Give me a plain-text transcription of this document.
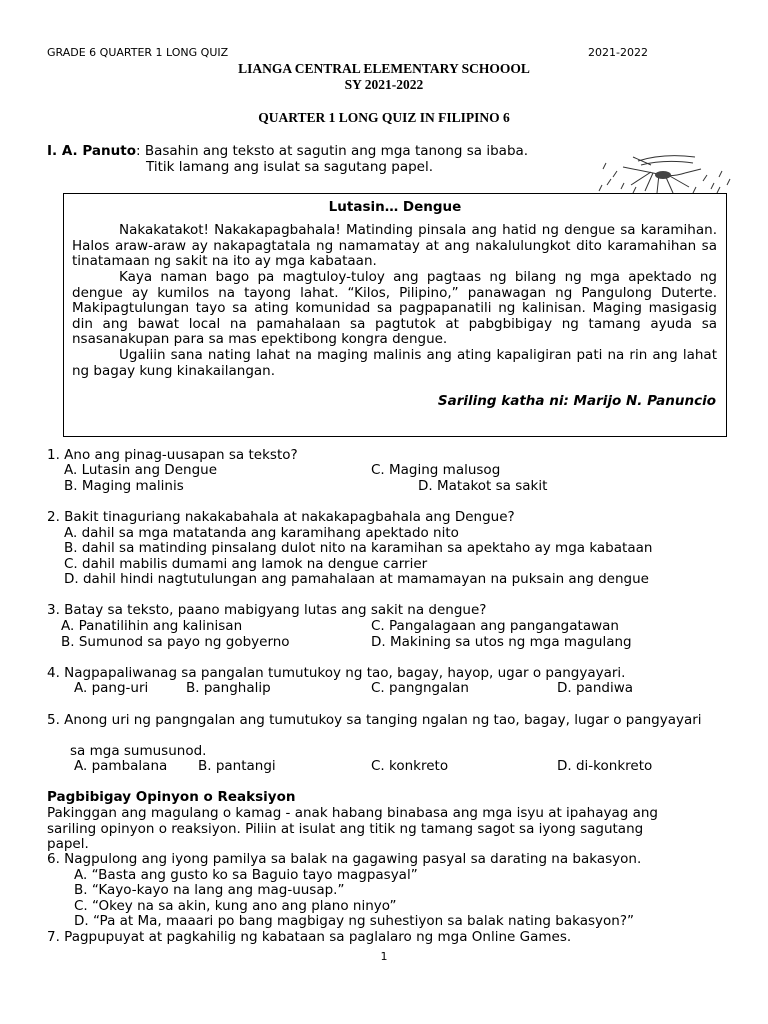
GRADE 6 QUARTER 1 LONG QUIZ	2021-2022
LIANGA CENTRAL ELEMENTARY SCHOOOL
SY 2021-2022
QUARTER 1 LONG QUIZ IN FILIPINO 6
I. A. Panuto: Basahin ang teksto at sagutin ang mga tanong sa ibaba.
Titik lamang ang isulat sa sagutang papel.
Lutasin… Dengue
Nakakatakot! Nakakapagbahala! Matinding pinsala ang hatid ng dengue sa karamihan. Halos araw-araw ay nakapagtatala ng namamatay at ang nakalulungkot dito karamahihan sa tinatamaan ng sakit na ito ay mga kabataan.
Kaya naman bago pa magtuloy-tuloy ang pagtaas ng bilang ng mga apektado ng dengue ay kumilos na tayong lahat. “Kilos, Pilipino,” panawagan ng Pangulong Duterte. Makipagtulungan tayo sa ating komunidad sa pagpapanatili ng kalinisan. Maging masigasig din ang bawat local na pamahalaan sa pagtutok at pabgbibigay ng tamang ayuda sa nsasanakupan para sa mas epektibong kongra dengue.
Ugaliin sana nating lahat na maging malinis ang ating kapaligiran pati na rin ang lahat ng bagay kung kinakailangan.
Sariling katha ni: Marijo N. Panuncio
1. Ano ang pinag-uusapan sa teksto?
A. Lutasin ang Dengue	C. Maging malusog
B. Maging malinis	D. Matakot sa sakit
2. Bakit tinaguriang nakakabahala at nakakapagbahala ang Dengue?
A. dahil sa mga matatanda ang karamihang apektado nito
B. dahil sa matinding pinsalang dulot nito na karamihan sa apektaho ay mga kabataan
C. dahil mabilis dumami ang lamok na dengue carrier
D. dahil hindi nagtutulungan ang pamahalaan at mamamayan na puksain ang dengue
3. Batay sa teksto, paano mabigyang lutas ang sakit na dengue?
A. Panatilihin ang kalinisan	C. Pangalagaan ang pangangatawan
B. Sumunod sa payo ng gobyerno	D. Makining sa utos ng mga magulang
4. Nagpapaliwanag sa pangalan tumutukoy ng tao, bagay, hayop, ugar o pangyayari.
A. pang-uri	B. panghalip	C. pangngalan	D. pandiwa
5. Anong uri ng pangngalan ang tumutukoy sa tanging ngalan ng tao, bagay, lugar o pangyayari
sa mga sumusunod.
A. pambalana B. pantangi	C. konkreto	D. di-konkreto
Pagbibigay Opinyon o Reaksiyon
Pakinggan ang magulang o kamag - anak habang binabasa ang mga isyu at ipahayag ang
sariling opinyon o reaksiyon. Piliin at isulat ang titik ng tamang sagot sa iyong sagutang
papel.
6. Nagpulong ang iyong pamilya sa balak na gagawing pasyal sa darating na bakasyon.
A. “Basta ang gusto ko sa Baguio tayo magpasyal”
B. “Kayo-kayo na lang ang mag-uusap.”
C. “Okey na sa akin, kung ano ang plano ninyo”
D. “Pa at Ma, maaari po bang magbigay ng suhestiyon sa balak nating bakasyon?”
7. Pagpupuyat at pagkahilig ng kabataan sa paglalaro ng mga Online Games.
1
